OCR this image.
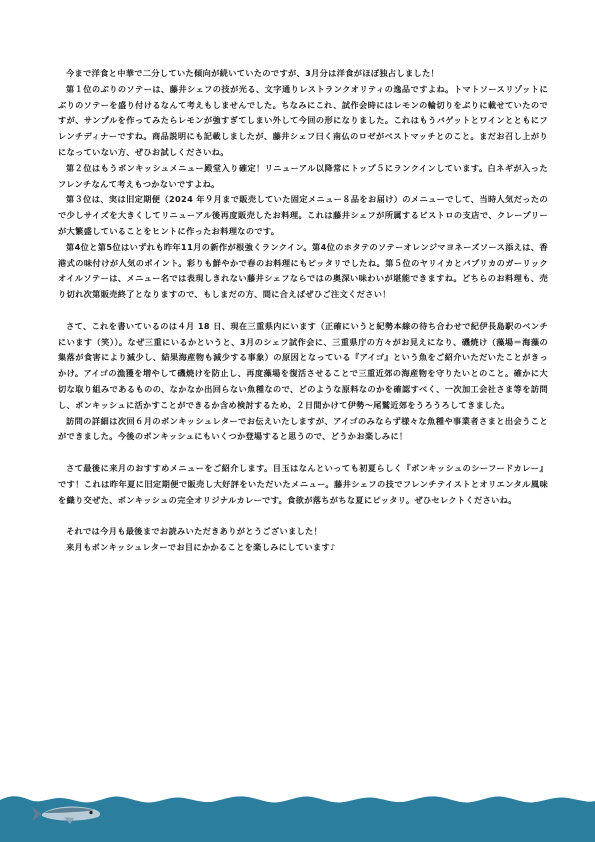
今まで洋食と中華で二分していた傾向が続いていたのですが、3月分は洋食がほぼ独占しました！

第１位のぶりのソテーは、藤井シェフの技が光る、文字通りレストランクオリティの逸品ですよね。トマトソースリゾットにぶりのソテーを盛り付けるなんて考えもしませんでした。ちなみにこれ、試作会時にはレモンの輪切りをぶりに載せていたのですが、サンプルを作ってみたらレモンが強すぎてしまい外して今回の形になりました。これはもうバゲットとワインとともにフレンチディナーですね。商品説明にも記載しましたが、藤井シェフ曰く南仏のロゼがベストマッチとのこと。まだお召し上がりになっていない方、ぜひお試しくださいね。

第２位はもうボンキッシュメニュー殿堂入り確定！リニューアル以降常にトップ５にランクインしています。白ネギが入ったフレンチなんて考えもつかないですよね。

第３位は、実は旧定期便（2024 年９月まで販売していた固定メニュー８品をお届け）のメニューでして、当時人気だったので少しサイズを大きくしてリニューアル後再度販売したお料理。これは藤井シェフが所属するビストロの支店で、クレープリーが大繁盛していることをヒントに作ったお料理なのです。

第4位と第5位はいずれも昨年11月の新作が根強くランクイン。第4位のホタテのソテーオレンジマヨネーズソース添えは、香港式の味付けが人気のポイント。彩りも鮮やかで春のお料理にもピッタリでしたね。第５位のヤリイカとパプリカのガーリックオイルソテーは、メニュー名では表現しきれない藤井シェフならではの奥深い味わいが堪能できますね。どちらのお料理も、売り切れ次第販売終了となりますので、もしまだの方、間に合えばぜひご注文ください！

さて、これを書いているのは４月 18 日、現在三重県内にいます（正確にいうと紀勢本線の待ち合わせで紀伊長島駅のベンチにいます（笑））。なぜ三重にいるかというと、3月のシェフ試作会に、三重県庁の方々がお見えになり、磯焼け（藻場＝海藻の集落が食害により減少し、結果海産物も減少する事象）の原因となっている『アイゴ』という魚をご紹介いただいたことがきっかけ。アイゴの漁獲を増やして磯焼けを防止し、再度藻場を復活させることで三重近郊の海産物を守りたいとのこと。確かに大切な取り組みであるものの、なかなか出回らない魚種なので、どのような原料なのかを確認すべく、一次加工会社さま等を訪問し、ボンキッシュに活かすことができるか含め検討するため、２日間かけて伊勢〜尾鷲近郊をうろうろしてきました。

訪問の詳細は次回６月のボンキッシュレターでお伝えいたしますが、アイゴのみならず様々な魚種や事業者さまと出会うことができました。今後のボンキッシュにもいくつか登場すると思うので、どうかお楽しみに！

さて最後に来月のおすすめメニューをご紹介します。目玉はなんといっても初夏らしく『ボンキッシュのシーフードカレー』です！これは昨年夏に旧定期便で販売し大好評をいただいたメニュー。藤井シェフの技でフレンチテイストとオリエンタル風味を織り交ぜた、ボンキッシュの完全オリジナルカレーです。食欲が落ちがちな夏にピッタリ。ぜひセレクトくださいね。

それでは今月も最後までお読みいただきありがとうございました！

来月もボンキッシュレターでお目にかかることを楽しみにしています♪
